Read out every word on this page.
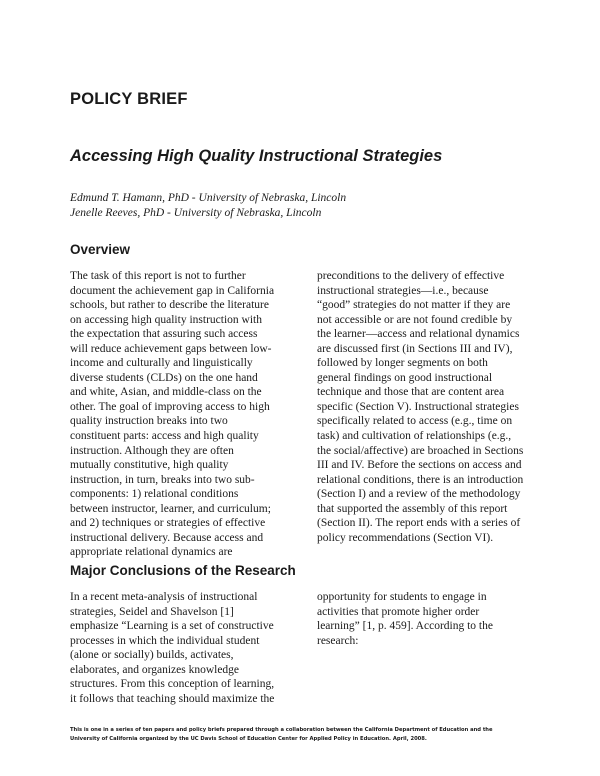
POLICY BRIEF
Accessing High Quality Instructional Strategies
Edmund T. Hamann, PhD - University of Nebraska, Lincoln
Jenelle Reeves, PhD - University of Nebraska, Lincoln
Overview
The task of this report is not to further
document the achievement gap in California
schools, but rather to describe the literature
on accessing high quality instruction with
the expectation that assuring such access
will reduce achievement gaps between low-
income and culturally and linguistically
diverse students (CLDs) on the one hand
and white, Asian, and middle-class on the
other. The goal of improving access to high
quality instruction breaks into two
constituent parts: access and high quality
instruction. Although they are often
mutually constitutive, high quality
instruction, in turn, breaks into two sub-
components: 1) relational conditions
between instructor, learner, and curriculum;
and 2) techniques or strategies of effective
instructional delivery. Because access and
appropriate relational dynamics are
preconditions to the delivery of effective
instructional strategies—i.e., because
“good” strategies do not matter if they are
not accessible or are not found credible by
the learner—access and relational dynamics
are discussed first (in Sections III and IV),
followed by longer segments on both
general findings on good instructional
technique and those that are content area
specific (Section V). Instructional strategies
specifically related to access (e.g., time on
task) and cultivation of relationships (e.g.,
the social/affective) are broached in Sections
III and IV. Before the sections on access and
relational conditions, there is an introduction
(Section I) and a review of the methodology
that supported the assembly of this report
(Section II). The report ends with a series of
policy recommendations (Section VI).
Major Conclusions of the Research
In a recent meta-analysis of instructional
strategies, Seidel and Shavelson [1]
emphasize “Learning is a set of constructive
processes in which the individual student
(alone or socially) builds, activates,
elaborates, and organizes knowledge
structures. From this conception of learning,
it follows that teaching should maximize the
opportunity for students to engage in
activities that promote higher order
learning” [1, p. 459]. According to the
research:
This is one in a series of ten papers and policy briefs prepared through a collaboration between the California Department of Education and the
University of California organized by the UC Davis School of Education Center for Applied Policy in Education. April, 2008.
